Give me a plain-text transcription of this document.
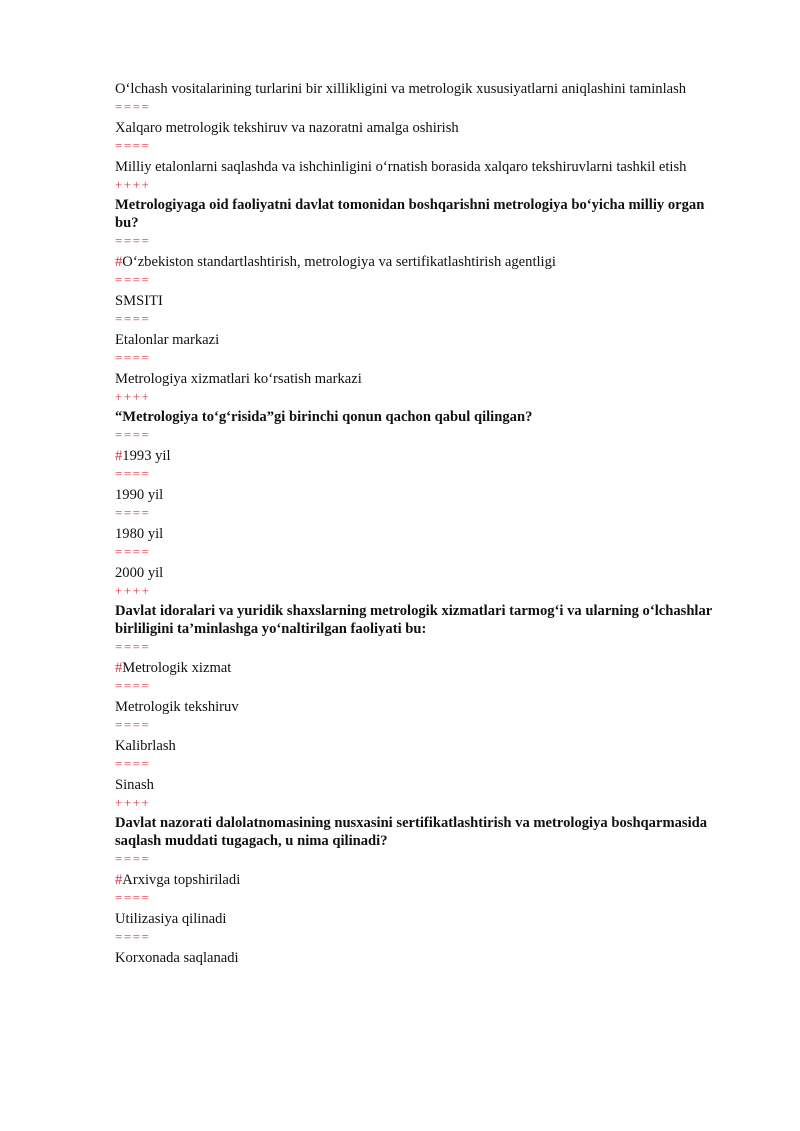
O‘lchash vositalarining turlarini bir xillikligini va metrologik xususiyatlarni aniqlashini taminlash
====
Xalqaro metrologik tekshiruv va nazoratni amalga oshirish
====
Milliy etalonlarni saqlashda va ishchinligini o‘rnatish borasida xalqaro tekshiruvlarni tashkil etish
++++
Metrologiyaga oid faoliyatni davlat tomonidan boshqarishni metrologiya bo‘yicha milliy organ bu?
====
#O‘zbekiston standartlashtirish, metrologiya va sertifikatlashtirish agentligi
====
SMSITI
====
Etalonlar markazi
====
Metrologiya xizmatlari ko‘rsatish markazi
++++
“Metrologiya to‘g‘risida”gi birinchi qonun qachon qabul qilingan?
====
#1993 yil
====
1990 yil
====
1980 yil
====
2000 yil
++++
Davlat idoralari va yuridik shaxslarning metrologik xizmatlari tarmog‘i va ularning o‘lchashlar birliligini ta’minlashga yo‘naltirilgan faoliyati bu:
====
#Metrologik xizmat
====
Metrologik tekshiruv
====
Kalibrlash
====
Sinash
++++
Davlat nazorati dalolatnomasining nusxasini sertifikatlashtirish va metrologiya boshqarmasida saqlash muddati tugagach, u nima qilinadi?
====
#Arxivga topshiriladi
====
Utilizasiya qilinadi
====
Korxonada saqlanadi
